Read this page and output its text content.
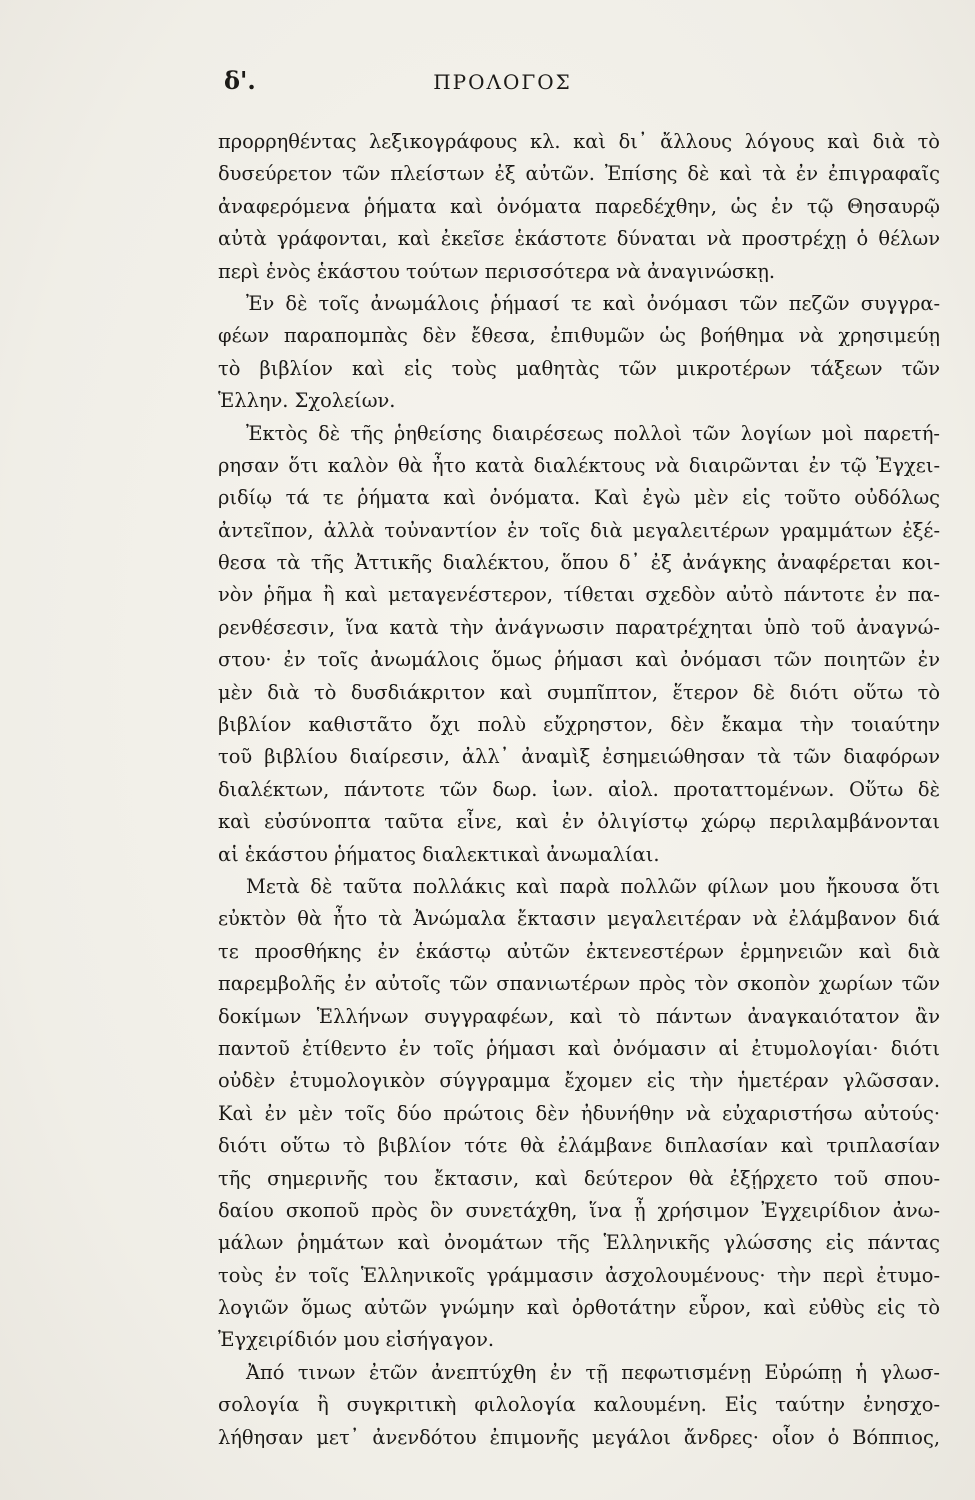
δ'.	ΠΡΟΛΟΓΟΣ
προρρηθέντας λεξικογράφους κλ. καὶ δι᾽ ἄλλους λόγους καὶ διὰ τὸ
δυσεύρετον τῶν πλείστων ἐξ αὐτῶν. Ἐπίσης δὲ καὶ τὰ ἐν ἐπιγραφαῖς
ἀναφερόμενα ῥήματα καὶ ὀνόματα παρεδέχθην, ὡς ἐν τῷ Θησαυρῷ
αὐτὰ γράφονται, καὶ ἐκεῖσε ἑκάστοτε δύναται νὰ προστρέχῃ ὁ θέλων
περὶ ἑνὸς ἑκάστου τούτων περισσότερα νὰ ἀναγινώσκῃ.
Ἐν δὲ τοῖς ἀνωμάλοις ῥήμασί τε καὶ ὀνόμασι τῶν πεζῶν συγγρα-
φέων παραπομπὰς δὲν ἔθεσα, ἐπιθυμῶν ὡς βοήθημα νὰ χρησιμεύῃ
τὸ βιβλίον καὶ εἰς τοὺς μαθητὰς τῶν μικροτέρων τάξεων τῶν
Ἑλλην. Σχολείων.
Ἐκτὸς δὲ τῆς ῥηθείσης διαιρέσεως πολλοὶ τῶν λογίων μοὶ παρετή-
ρησαν ὅτι καλὸν θὰ ἦτο κατὰ διαλέκτους νὰ διαιρῶνται ἐν τῷ Ἐγχει-
ριδίῳ τά τε ῥήματα καὶ ὀνόματα. Καὶ ἐγὼ μὲν εἰς τοῦτο οὐδόλως
ἀντεῖπον, ἀλλὰ τοὐναντίον ἐν τοῖς διὰ μεγαλειτέρων γραμμάτων ἐξέ-
θεσα τὰ τῆς Ἀττικῆς διαλέκτου, ὅπου δ᾽ ἐξ ἀνάγκης ἀναφέρεται κοι-
νὸν ῥῆμα ἢ καὶ μεταγενέστερον, τίθεται σχεδὸν αὐτὸ πάντοτε ἐν πα-
ρενθέσεσιν, ἵνα κατὰ τὴν ἀνάγνωσιν παρατρέχηται ὑπὸ τοῦ ἀναγνώ-
στου· ἐν τοῖς ἀνωμάλοις ὅμως ῥήμασι καὶ ὀνόμασι τῶν ποιητῶν ἐν
μὲν διὰ τὸ δυσδιάκριτον καὶ συμπῖπτον, ἕτερον δὲ διότι οὕτω τὸ
βιβλίον καθιστᾶτο ὄχι πολὺ εὔχρηστον, δὲν ἔκαμα τὴν τοιαύτην
τοῦ βιβλίου διαίρεσιν, ἀλλ᾽ ἀναμὶξ ἐσημειώθησαν τὰ τῶν διαφόρων
διαλέκτων, πάντοτε τῶν δωρ. ἰων. αἰολ. προταττομένων. Οὕτω δὲ
καὶ εὐσύνοπτα ταῦτα εἶνε, καὶ ἐν ὀλιγίστῳ χώρῳ περιλαμβάνονται
αἱ ἑκάστου ῥήματος διαλεκτικαὶ ἀνωμαλίαι.
Μετὰ δὲ ταῦτα πολλάκις καὶ παρὰ πολλῶν φίλων μου ἤκουσα ὅτι
εὐκτὸν θὰ ἦτο τὰ Ἀνώμαλα ἔκτασιν μεγαλειτέραν νὰ ἐλάμβανον διά
τε προσθήκης ἐν ἑκάστῳ αὐτῶν ἐκτενεστέρων ἑρμηνειῶν καὶ διὰ
παρεμβολῆς ἐν αὐτοῖς τῶν σπανιωτέρων πρὸς τὸν σκοπὸν χωρίων τῶν
δοκίμων Ἑλλήνων συγγραφέων, καὶ τὸ πάντων ἀναγκαιότατον ἂν
παντοῦ ἐτίθεντο ἐν τοῖς ῥήμασι καὶ ὀνόμασιν αἱ ἐτυμολογίαι· διότι
οὐδὲν ἐτυμολογικὸν σύγγραμμα ἔχομεν εἰς τὴν ἡμετέραν γλῶσσαν.
Καὶ ἐν μὲν τοῖς δύο πρώτοις δὲν ἠδυνήθην νὰ εὐχαριστήσω αὐτούς·
διότι οὕτω τὸ βιβλίον τότε θὰ ἐλάμβανε διπλασίαν καὶ τριπλασίαν
τῆς σημερινῆς του ἔκτασιν, καὶ δεύτερον θὰ ἐξῄρχετο τοῦ σπου-
δαίου σκοποῦ πρὸς ὃν συνετάχθη, ἵνα ᾖ χρήσιμον Ἐγχειρίδιον ἀνω-
μάλων ῥημάτων καὶ ὀνομάτων τῆς Ἑλληνικῆς γλώσσης εἰς πάντας
τοὺς ἐν τοῖς Ἑλληνικοῖς γράμμασιν ἀσχολουμένους· τὴν περὶ ἐτυμο-
λογιῶν ὅμως αὐτῶν γνώμην καὶ ὀρθοτάτην εὗρον, καὶ εὐθὺς εἰς τὸ
Ἐγχειρίδιόν μου εἰσήγαγον.
Ἀπό τινων ἐτῶν ἀνεπτύχθη ἐν τῇ πεφωτισμένῃ Εὐρώπῃ ἡ γλωσ-
σολογία ἢ συγκριτικὴ φιλολογία καλουμένη. Εἰς ταύτην ἐνησχο-
λήθησαν μετ᾽ ἀνενδότου ἐπιμονῆς μεγάλοι ἄνδρες· οἷον ὁ Βόππιος,
